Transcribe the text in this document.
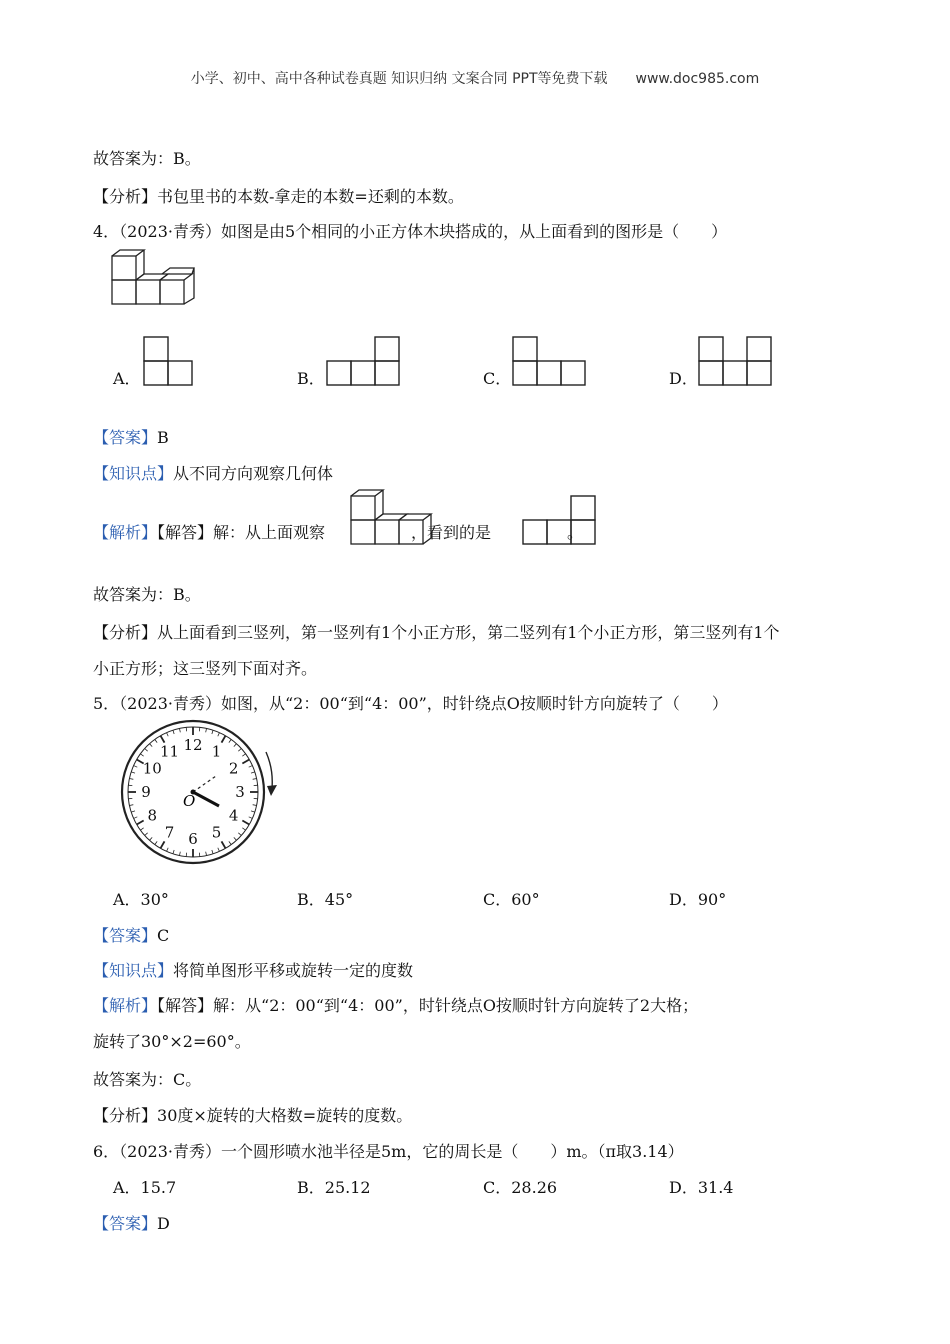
小学、初中、高中各种试卷真题 知识归纳 文案合同 PPT等免费下载 www.doc985.com
故答案为：B。
【分析】书包里书的本数-拿走的本数=还剩的本数。
4．（2023·青秀）如图是由5个相同的小正方体木块搭成的，从上面看到的图形是（　　）
A．	B．	C．	D．
【答案】B
【知识点】从不同方向观察几何体
【解析】【解答】解：从上面观察	，看到的是	。
故答案为：B。
【分析】从上面看到三竖列，第一竖列有1个小正方形，第二竖列有1个小正方形，第三竖列有1个
小正方形；这三竖列下面对齐。
5．（2023·青秀）如图，从“2：00“到“4：00”，时针绕点O按顺时针方向旋转了（　　）
12 1
2
3
4
5
6
7
8
9
10
11
O
A．30°	B．45°	C．60°	D．90°
【答案】C
【知识点】将简单图形平移或旋转一定的度数
【解析】【解答】解：从“2：00“到“4：00”，时针绕点O按顺时针方向旋转了2大格；
旋转了30°×2=60°。
故答案为：C。
【分析】30度×旋转的大格数=旋转的度数。
6．（2023·青秀）一个圆形喷水池半径是5m，它的周长是（　　）m。（π取3.14）
A．15.7	B．25.12	C．28.26	D．31.4
【答案】D
